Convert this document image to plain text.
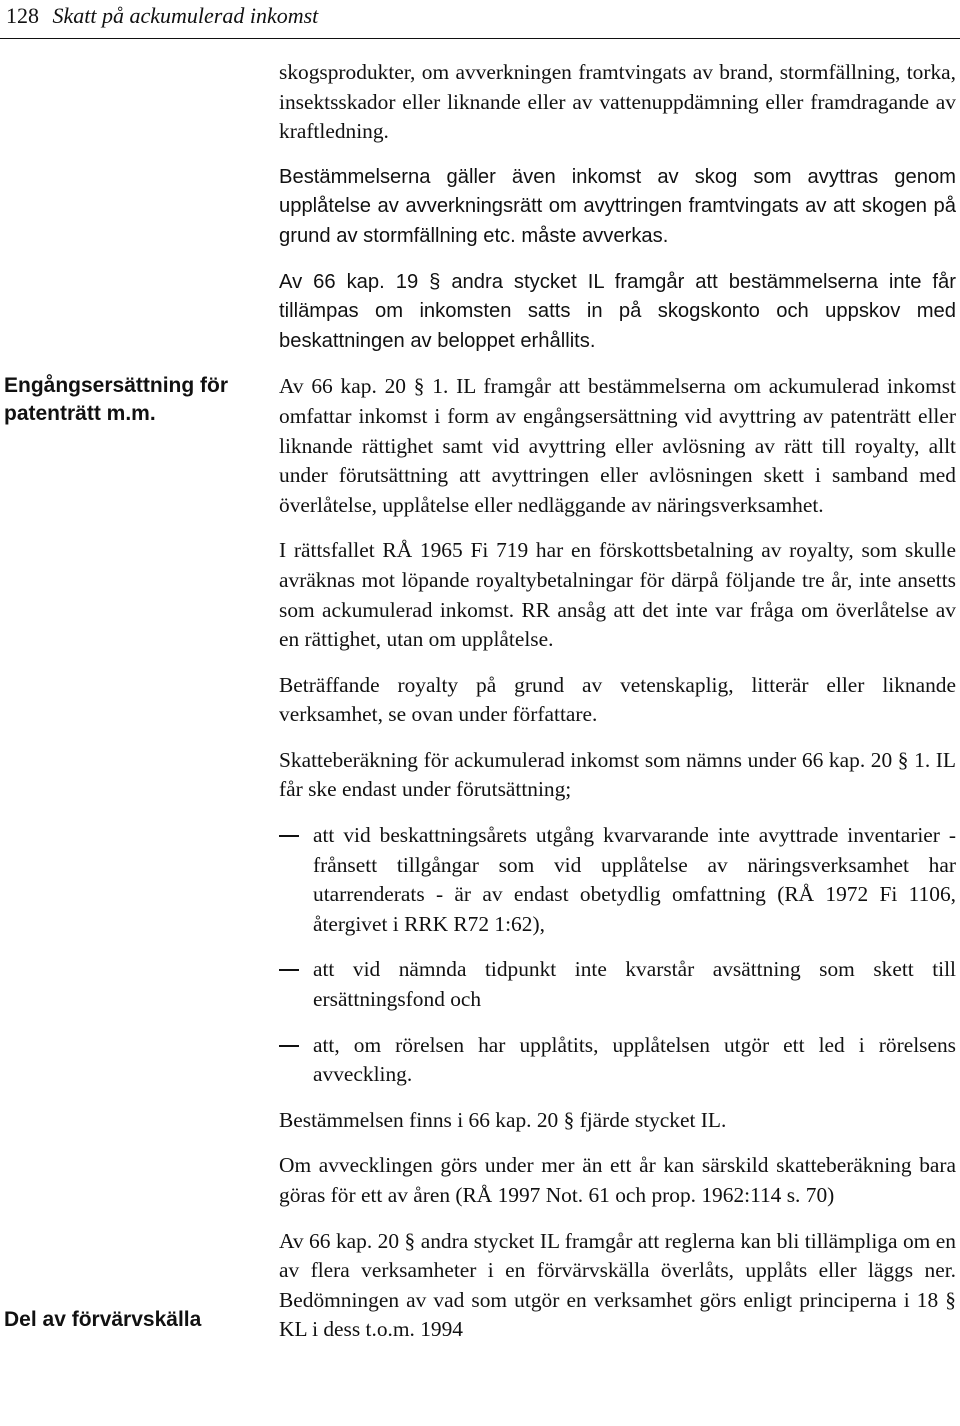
128 Skatt på ackumulerad inkomst
Engångsersättning för patenträtt m.m.
Del av förvärvskälla

skogsprodukter, om avverkningen framtvingats av brand, stormfällning, torka, insektsskador eller liknande eller av vattenuppdämning eller framdragande av kraftledning.

Bestämmelserna gäller även inkomst av skog som avyttras genom upplåtelse av avverkningsrätt om avyttringen framtvingats av att skogen på grund av stormfällning etc. måste avverkas.

Av 66 kap. 19 § andra stycket IL framgår att bestämmelserna inte får tillämpas om inkomsten satts in på skogskonto och uppskov med beskattningen av beloppet erhållits.

Av 66 kap. 20 § 1. IL framgår att bestämmelserna om ackumulerad inkomst omfattar inkomst i form av engångsersättning vid avyttring av patenträtt eller liknande rättighet samt vid avyttring eller avlösning av rätt till royalty, allt under förutsättning att avyttringen eller avlösningen skett i samband med överlåtelse, upplåtelse eller nedläggande av näringsverksamhet.

I rättsfallet RÅ 1965 Fi 719 har en förskottsbetalning av royalty, som skulle avräknas mot löpande royaltybetalningar för därpå följande tre år, inte ansetts som ackumulerad inkomst. RR ansåg att det inte var fråga om överlåtelse av en rättighet, utan om upplåtelse.

Beträffande royalty på grund av vetenskaplig, litterär eller liknande verksamhet, se ovan under författare.

Skatteberäkning för ackumulerad inkomst som nämns under 66 kap. 20 § 1. IL får ske endast under förutsättning;

att vid beskattningsårets utgång kvarvarande inte avyttrade inventarier - frånsett tillgångar som vid upplåtelse av näringsverksamhet har utarrenderats - är av endast obetydlig omfattning (RÅ 1972 Fi 1106, återgivet i RRK R72 1:62),
att vid nämnda tidpunkt inte kvarstår avsättning som skett till ersättningsfond och
att, om rörelsen har upplåtits, upplåtelsen utgör ett led i rörelsens avveckling.

Bestämmelsen finns i 66 kap. 20 § fjärde stycket IL.

Om avvecklingen görs under mer än ett år kan särskild skatteberäkning bara göras för ett av åren (RÅ 1997 Not. 61 och prop. 1962:114 s. 70)

Av 66 kap. 20 § andra stycket IL framgår att reglerna kan bli tillämpliga om en av flera verksamheter i en förvärvskälla överlåts, upplåts eller läggs ner. Bedömningen av vad som utgör en verksamhet görs enligt principerna i 18 § KL i dess t.o.m. 1994
